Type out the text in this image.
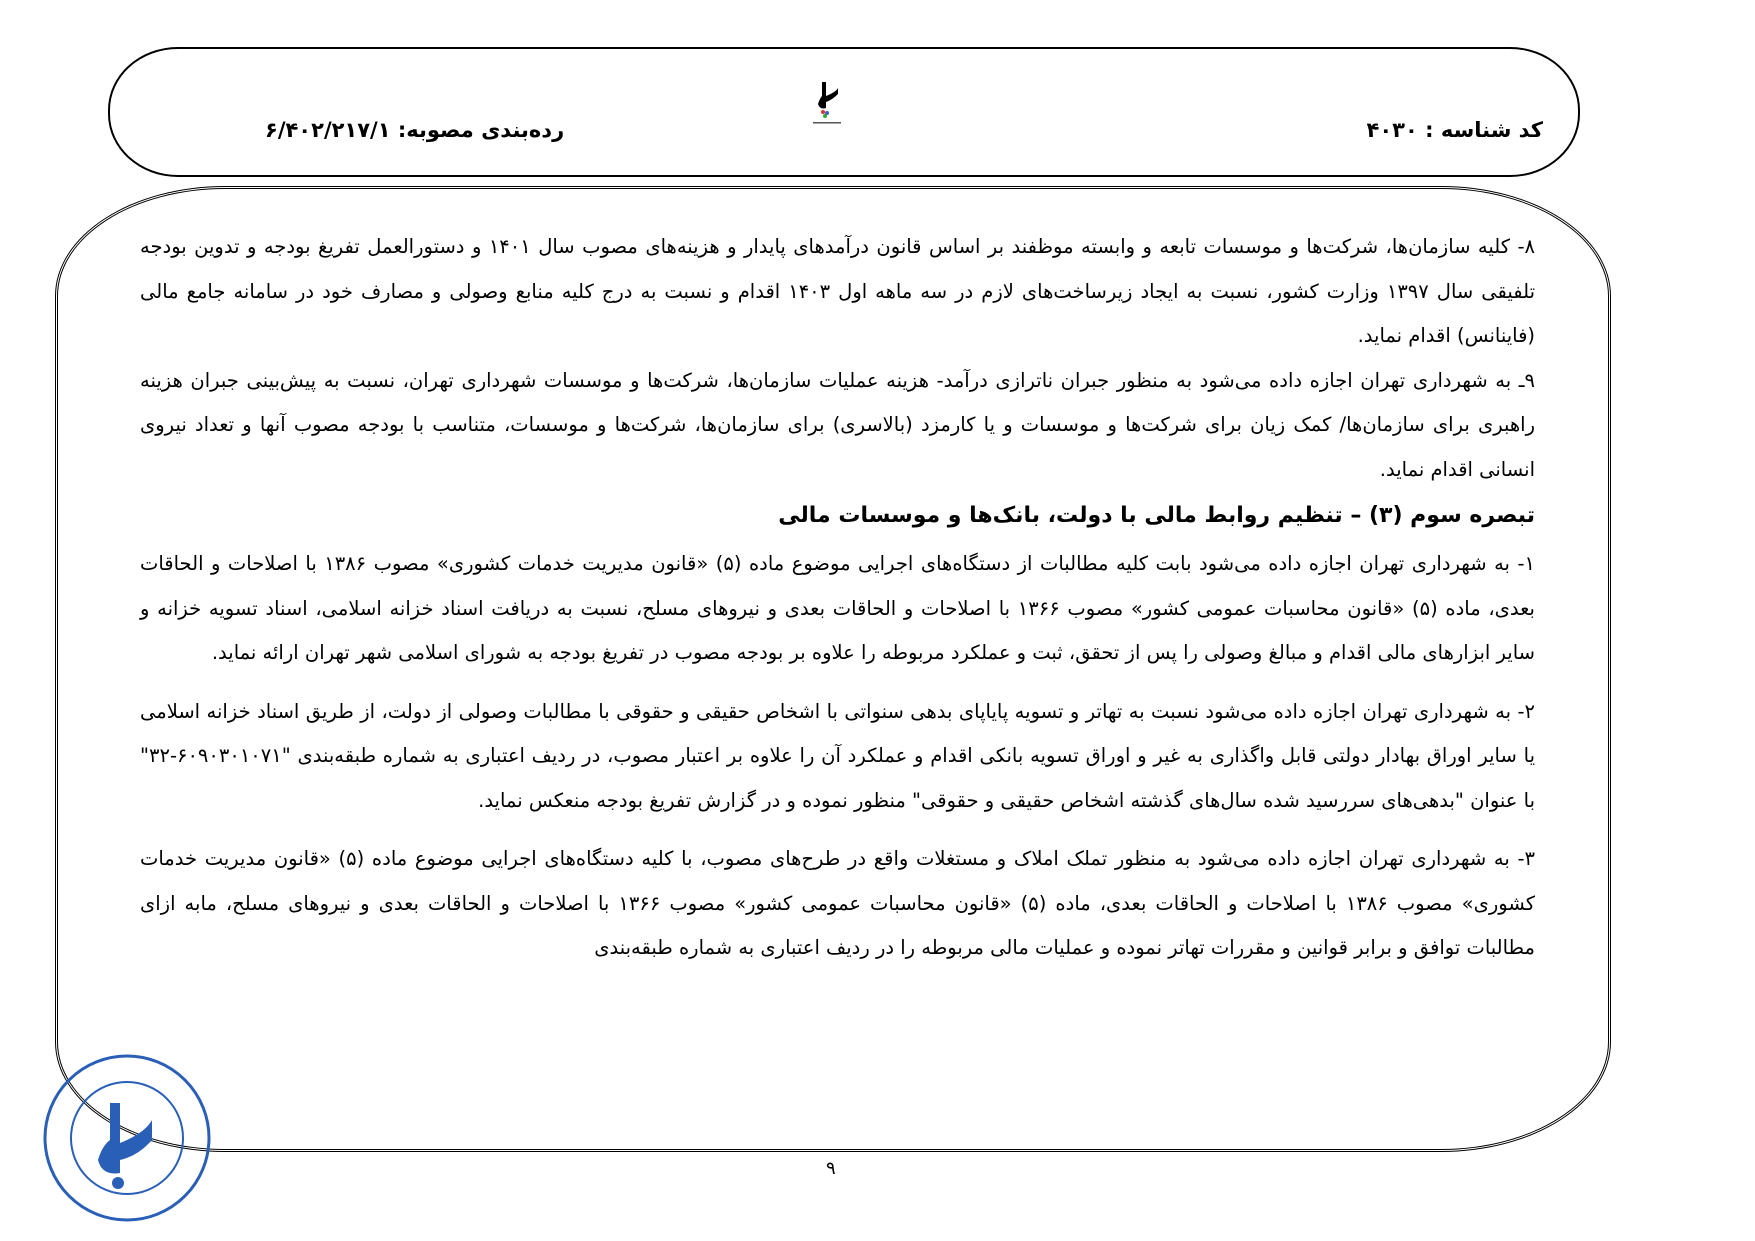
کد شناسه : ۴۰۳۰
رده‌بندی مصوبه: ۶/۴۰۲/۲۱۷/۱

۸- کلیه سازمان‌ها، شرکت‌ها و موسسات تابعه و وابسته موظفند بر اساس قانون درآمدهای پایدار و هزینه‌های مصوب سال ۱۴۰۱ و دستورالعمل تفریغ بودجه و تدوین بودجه تلفیقی سال ۱۳۹۷ وزارت کشور، نسبت به ایجاد زیرساخت‌های لازم در سه ماهه اول ۱۴۰۳ اقدام و نسبت به درج کلیه منابع وصولی و مصارف خود در سامانه جامع مالی (فاینانس) اقدام نماید.

۹ـ به شهرداری تهران اجازه داده می‌شود به منظور جبران ناترازی درآمد- هزینه عملیات سازمان‌ها، شرکت‌ها و موسسات شهرداری تهران، نسبت به پیش‌بینی جبران هزینه راهبری برای سازمان‌ها/ کمک زیان برای شرکت‌ها و موسسات و یا کارمزد (بالاسری) برای سازمان‌ها، شرکت‌ها و موسسات، متناسب با بودجه مصوب آنها و تعداد نیروی انسانی اقدام نماید.

تبصره سوم (۳) – تنظیم روابط مالی با دولت، بانک‌ها و موسسات مالی

۱- به شهرداری تهران اجازه داده می‌شود بابت کلیه مطالبات از دستگاه‌های اجرایی موضوع ماده (۵) «قانون مدیریت خدمات کشوری» مصوب ۱۳۸۶ با اصلاحات و الحاقات بعدی، ماده (۵) «قانون محاسبات عمومی کشور» مصوب ۱۳۶۶ با اصلاحات و الحاقات بعدی و نیروهای مسلح، نسبت به دریافت اسناد خزانه اسلامی، اسناد تسویه خزانه و سایر ابزارهای مالی اقدام و مبالغ وصولی را پس از تحقق، ثبت و عملکرد مربوطه را علاوه بر بودجه مصوب در تفریغ بودجه به شورای اسلامی شهر تهران ارائه نماید.

۲- به شهرداری تهران اجازه داده می‌شود نسبت به تهاتر و تسویه پایاپای بدهی سنواتی با اشخاص حقیقی و حقوقی با مطالبات وصولی از دولت، از طریق اسناد خزانه اسلامی یا سایر اوراق بهادار دولتی قابل واگذاری به غیر و اوراق تسویه بانکی اقدام و عملکرد آن را علاوه بر اعتبار مصوب، در ردیف اعتباری به شماره طبقه‌بندی "۶۰۹۰۳۰۱۰۷۱-۳۲" با عنوان "بدهی‌های سررسید شده سال‌های گذشته اشخاص حقیقی و حقوقی" منظور نموده و در گزارش تفریغ بودجه منعکس نماید.

۳- به شهرداری تهران اجازه داده می‌شود به منظور تملک املاک و مستغلات واقع در طرح‌های مصوب، با کلیه دستگاه‌های اجرایی موضوع ماده (۵) «قانون مدیریت خدمات کشوری» مصوب ۱۳۸۶ با اصلاحات و الحاقات بعدی، ماده (۵) «قانون محاسبات عمومی کشور» مصوب ۱۳۶۶ با اصلاحات و الحاقات بعدی و نیروهای مسلح، مابه ازای مطالبات توافق و برابر قوانین و مقررات تهاتر نموده و عملیات مالی مربوطه را در ردیف اعتباری به شماره طبقه‌بندی

۹
